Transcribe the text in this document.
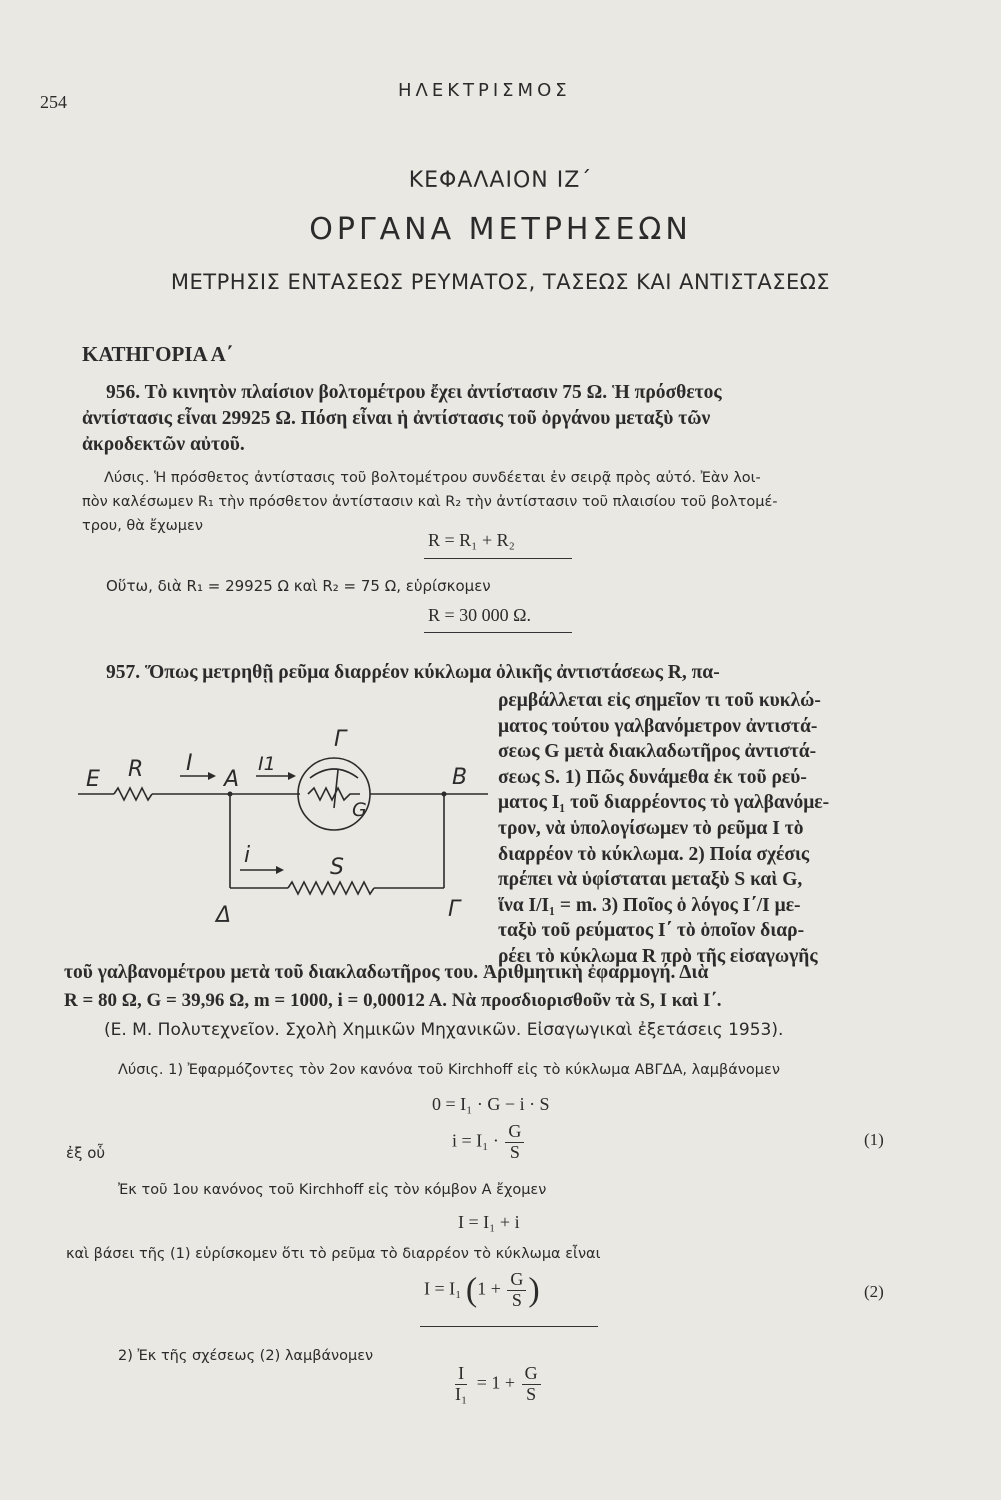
254
ΗΛΕΚΤΡΙΣΜΟΣ
ΚΕΦΑΛΑΙΟΝ ΙΖ΄
ΟΡΓΑΝΑ ΜΕΤΡΗΣΕΩΝ
ΜΕΤΡΗΣΙΣ ΕΝΤΑΣΕΩΣ ΡΕΥΜΑΤΟΣ, ΤΑΣΕΩΣ ΚΑΙ ΑΝΤΙΣΤΑΣΕΩΣ
ΚΑΤΗΓΟΡΙΑ Α΄
956. Τὸ κινητὸν πλαίσιον βολτομέτρου ἔχει ἀντίστασιν 75 Ω. Ἡ πρόσθετος
ἀντίστασις εἶναι 29925 Ω. Πόση εἶναι ἡ ἀντίστασις τοῦ ὀργάνου μεταξὺ τῶν
ἀκροδεκτῶν αὐτοῦ.
Λύσις. Ἡ πρόσθετος ἀντίστασις τοῦ βολτομέτρου συνδέεται ἐν σειρᾷ πρὸς αὐτό. Ἐὰν λοι-
πὸν καλέσωμεν R₁ τὴν πρόσθετον ἀντίστασιν καὶ R₂ τὴν ἀντίστασιν τοῦ πλαισίου τοῦ βολτομέ-
τρου, θὰ ἔχωμεν
R = R₁ + R₂
Οὕτω, διὰ R₁ = 29925 Ω καὶ R₂ = 75 Ω, εὑρίσκομεν
R = 30 000 Ω.
957. Ὅπως μετρηθῇ ρεῦμα διαρρέον κύκλωμα ὁλικῆς ἀντιστάσεως R, πα-
ρεμβάλλεται εἰς σημεῖον τι τοῦ κυκλώ-
ματος τούτου γαλβανόμετρον ἀντιστά-
σεως G μετὰ διακλαδωτῆρος ἀντιστά-
σεως S. 1) Πῶς δυνάμεθα ἐκ τοῦ ρεύ-
ματος I₁ τοῦ διαρρέοντος τὸ γαλβανόμε-
τρον, νὰ ὑπολογίσωμεν τὸ ρεῦμα I τὸ
διαρρέον τὸ κύκλωμα. 2) Ποία σχέσις
πρέπει νὰ ὑφίσταται μεταξὺ S καὶ G,
ἵνα I/I₁ = m. 3) Ποῖος ὁ λόγος I΄/I με-
ταξὺ τοῦ ρεύματος I΄ τὸ ὁποῖον διαρ-
ρέει τὸ κύκλωμα R πρὸ τῆς εἰσαγωγῆς
E R I
A
I1
Γ
G
B
i	S
Γ
Δ
τοῦ γαλβανομέτρου μετὰ τοῦ διακλαδωτῆρος του. Ἀριθμητικὴ ἐφαρμογή. Διὰ
R = 80 Ω, G = 39,96 Ω, m = 1000, i = 0,00012 A. Νὰ προσδιορισθοῦν τὰ S, I καὶ I΄.
(Ε. Μ. Πολυτεχνεῖον. Σχολὴ Χημικῶν Μηχανικῶν. Εἰσαγωγικαὶ ἐξετάσεις 1953).
Λύσις. 1) Ἐφαρμόζοντες τὸν 2ον κανόνα τοῦ Kirchhoff εἰς τὸ κύκλωμα ΑΒΓΔΑ, λαμβάνομεν
0 = I₁ · G − i · S
ἐξ οὗ
$i = I_1 \cdot \frac{G}{S}$	(1)
Ἐκ τοῦ 1ου κανόνος τοῦ Kirchhoff εἰς τὸν κόμβον Α ἔχομεν
I = I₁ + i
καὶ βάσει τῆς (1) εὑρίσκομεν ὅτι τὸ ρεῦμα τὸ διαρρέον τὸ κύκλωμα εἶναι
I = I₁ ($1 + \frac{G}{S}$ )	(2)
2) Ἐκ τῆς σχέσεως (2) λαμβάνομεν
$\frac{I}{\text{I₁}} = 1 + \frac{G}{S}$
